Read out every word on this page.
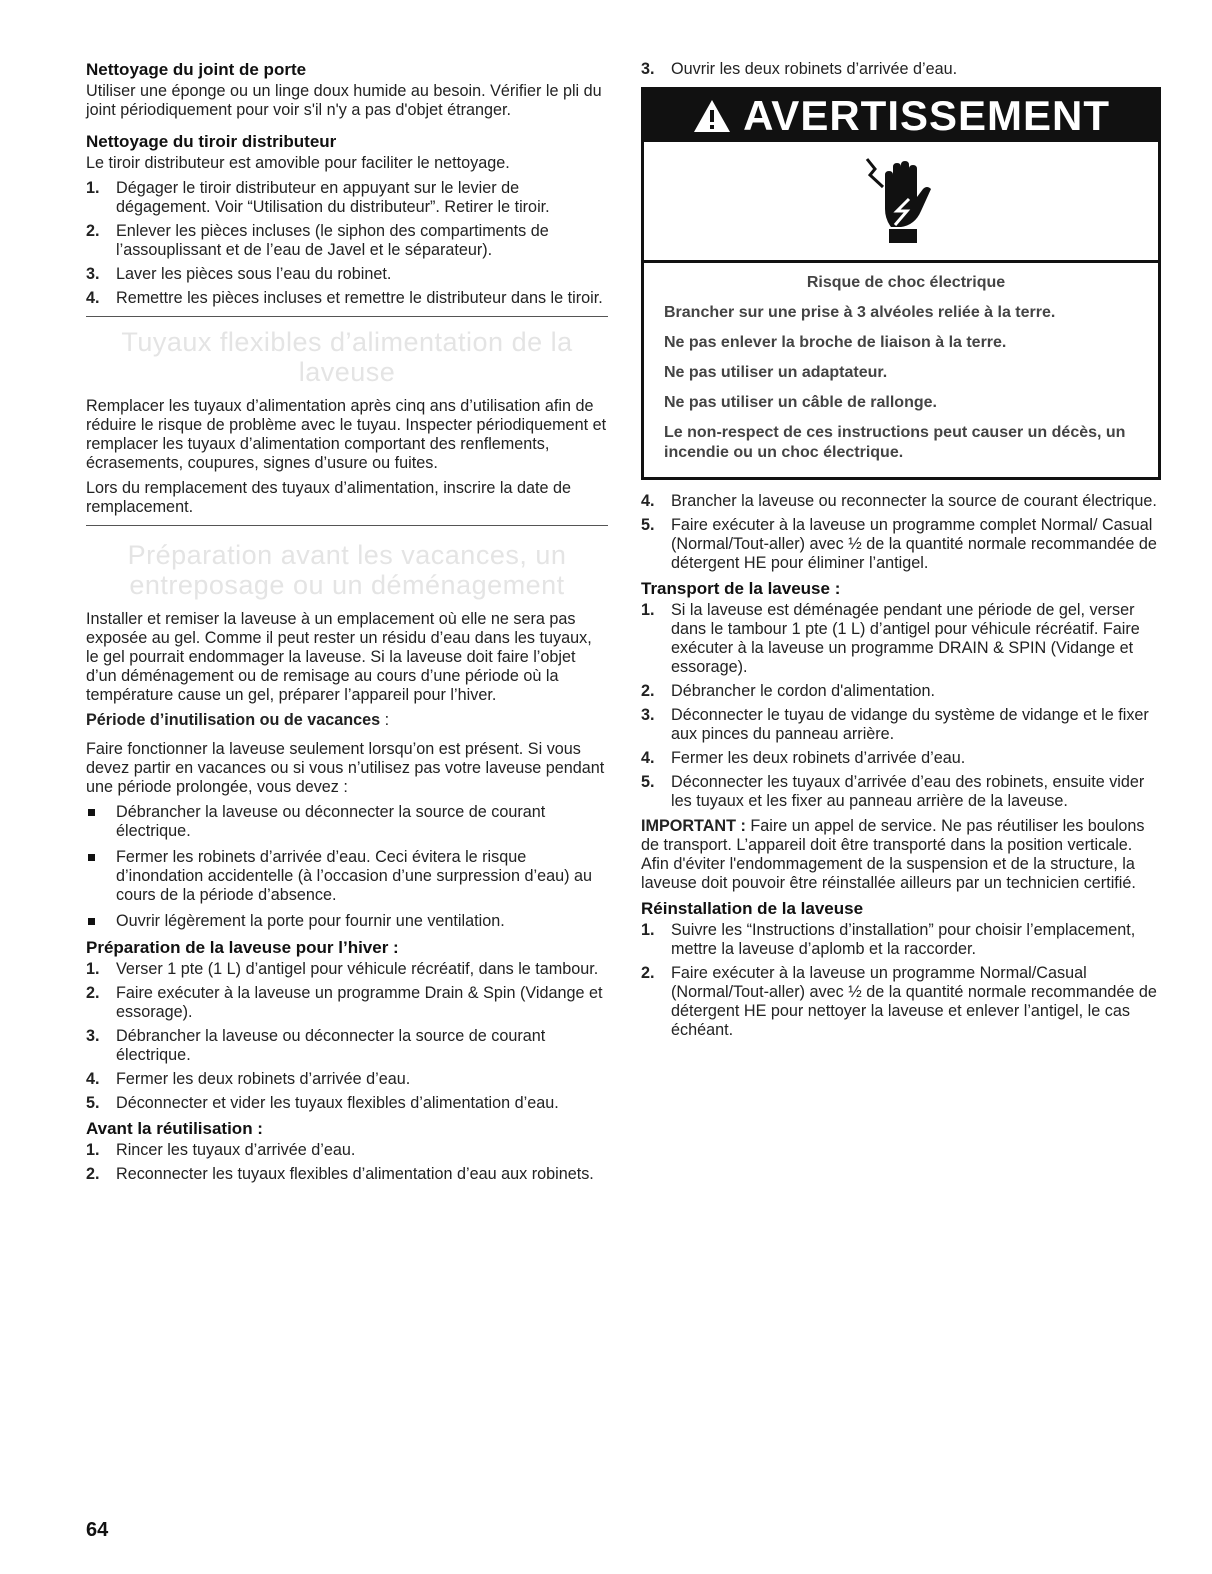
Nettoyage du joint de porte

Utiliser une éponge ou un linge doux humide au besoin. Vérifier le pli du joint périodiquement pour voir s'il n'y a pas d'objet étranger.

Nettoyage du tiroir distributeur

Le tiroir distributeur est amovible pour faciliter le nettoyage.

1. Dégager le tiroir distributeur en appuyant sur le levier de dégagement. Voir “Utilisation du distributeur”. Retirer le tiroir.
2. Enlever les pièces incluses (le siphon des compartiments de l’assouplissant et de l’eau de Javel et le séparateur).
3. Laver les pièces sous l’eau du robinet.
4. Remettre les pièces incluses et remettre le distributeur dans le tiroir.
Tuyaux flexibles d’alimentation de la laveuse

Remplacer les tuyaux d’alimentation après cinq ans d’utilisation afin de réduire le risque de problème avec le tuyau. Inspecter périodiquement et remplacer les tuyaux d’alimentation comportant des renflements, écrasements, coupures, signes d’usure ou fuites.

Lors du remplacement des tuyaux d’alimentation, inscrire la date de remplacement.

Préparation avant les vacances, un
entreposage ou un déménagement

Installer et remiser la laveuse à un emplacement où elle ne sera pas exposée au gel. Comme il peut rester un résidu d’eau dans les tuyaux, le gel pourrait endommager la laveuse. Si la laveuse doit faire l’objet d’un déménagement ou de remisage au cours d’une période où la température cause un gel, préparer l’appareil pour l’hiver.

Période d’inutilisation ou de vacances :

Faire fonctionner la laveuse seulement lorsqu’on est présent. Si vous devez partir en vacances ou si vous n’utilisez pas votre laveuse pendant une période prolongée, vous devez :

Débrancher la laveuse ou déconnecter la source de courant électrique.
Fermer les robinets d’arrivée d’eau. Ceci évitera le risque d’inondation accidentelle (à l’occasion d’une surpression d’eau) au cours de la période d’absence.
Ouvrir légèrement la porte pour fournir une ventilation.
Préparation de la laveuse pour l’hiver :
1. Verser 1 pte (1 L) d’antigel pour véhicule récréatif, dans le tambour.
2. Faire exécuter à la laveuse un programme Drain & Spin (Vidange et essorage).
3. Débrancher la laveuse ou déconnecter la source de courant électrique.
4. Fermer les deux robinets d’arrivée d’eau.
5. Déconnecter et vider les tuyaux flexibles d’alimentation d’eau.
Avant la réutilisation :
1. Rincer les tuyaux d’arrivée d’eau.
2. Reconnecter les tuyaux flexibles d’alimentation d’eau aux robinets.
3. Ouvrir les deux robinets d’arrivée d’eau.
AVERTISSEMENT
Risque de choc électrique
Brancher sur une prise à 3 alvéoles reliée à la terre.
Ne pas enlever la broche de liaison à la terre.
Ne pas utiliser un adaptateur.
Ne pas utiliser un câble de rallonge.
Le non-respect de ces instructions peut causer un décès, un incendie ou un choc électrique.
4. Brancher la laveuse ou reconnecter la source de courant électrique.
5. Faire exécuter à la laveuse un programme complet Normal/ Casual (Normal/Tout-aller) avec ½ de la quantité normale recommandée de détergent HE pour éliminer l’antigel.
Transport de la laveuse :
1. Si la laveuse est déménagée pendant une période de gel, verser dans le tambour 1 pte (1 L) d’antigel pour véhicule récréatif. Faire exécuter à la laveuse un programme DRAIN & SPIN (Vidange et essorage).
2. Débrancher le cordon d'alimentation.
3. Déconnecter le tuyau de vidange du système de vidange et le fixer aux pinces du panneau arrière.
4. Fermer les deux robinets d’arrivée d’eau.
5. Déconnecter les tuyaux d’arrivée d’eau des robinets, ensuite vider les tuyaux et les fixer au panneau arrière de la laveuse.

IMPORTANT : Faire un appel de service. Ne pas réutiliser les boulons de transport. L’appareil doit être transporté dans la position verticale. Afin d'éviter l'endommagement de la suspension et de la structure, la laveuse doit pouvoir être réinstallée ailleurs par un technicien certifié.

Réinstallation de la laveuse
1. Suivre les “Instructions d’installation” pour choisir l’emplacement, mettre la laveuse d’aplomb et la raccorder.
2. Faire exécuter à la laveuse un programme Normal/Casual (Normal/Tout-aller) avec ½ de la quantité normale recommandée de détergent HE pour nettoyer la laveuse et enlever l’antigel, le cas échéant.
64
